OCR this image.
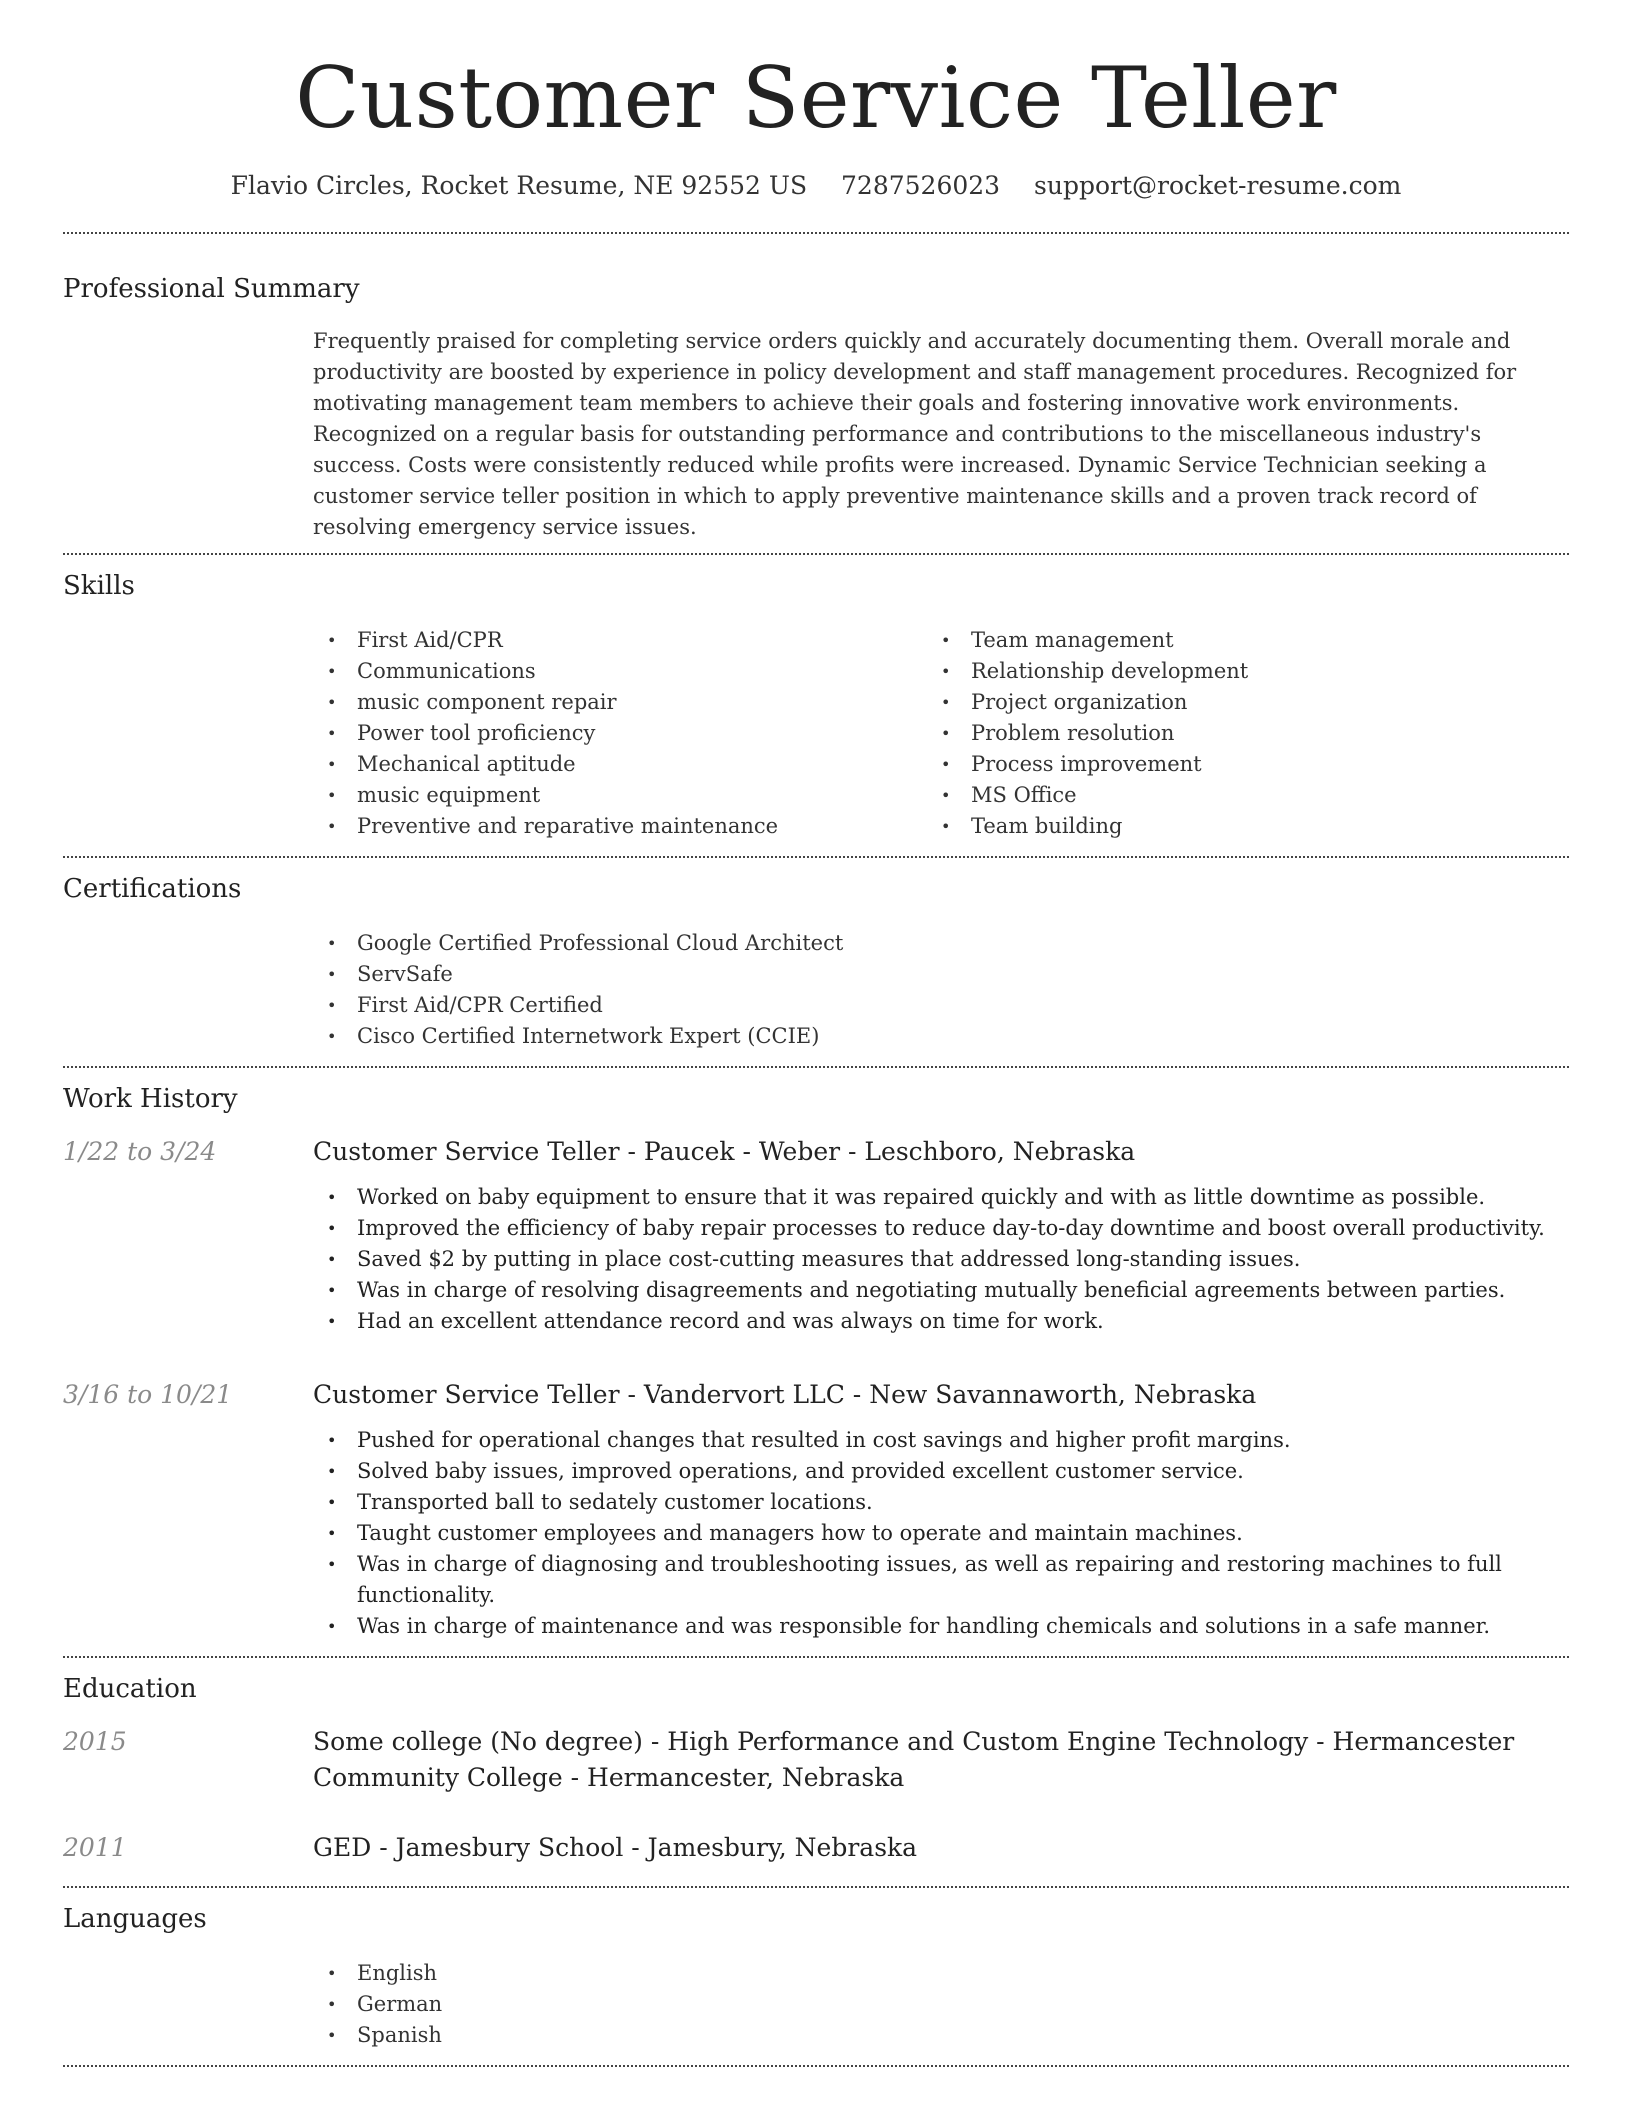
Customer Service Teller
Flavio Circles, Rocket Resume, NE 92552 US 7287526023 support@rocket-resume.com
Professional Summary

Frequently praised for completing service orders quickly and accurately documenting them. Overall morale and productivity are boosted by experience in policy development and staff management procedures. Recognized for motivating management team members to achieve their goals and fostering innovative work environments. Recognized on a regular basis for outstanding performance and contributions to the miscellaneous industry's success. Costs were consistently reduced while profits were increased. Dynamic Service Technician seeking a customer service teller position in which to apply preventive maintenance skills and a proven track record of resolving emergency service issues.

Skills
• First Aid/CPR
• Communications
• music component repair
• Power tool proficiency
• Mechanical aptitude
• music equipment
• Preventive and reparative maintenance
• Team management
• Relationship development
• Project organization
• Problem resolution
• Process improvement
• MS Office
• Team building
Certifications
• Google Certified Professional Cloud Architect
• ServSafe
• First Aid/CPR Certified
• Cisco Certified Internetwork Expert (CCIE)
Work History
1/22 to 3/24	Customer Service Teller - Paucek - Weber - Leschboro, Nebraska
• Worked on baby equipment to ensure that it was repaired quickly and with as little downtime as possible.
• Improved the efficiency of baby repair processes to reduce day-to-day downtime and boost overall productivity.
• Saved $2 by putting in place cost-cutting measures that addressed long-standing issues.
• Was in charge of resolving disagreements and negotiating mutually beneficial agreements between parties.
• Had an excellent attendance record and was always on time for work.
3/16 to 10/21	Customer Service Teller - Vandervort LLC - New Savannaworth, Nebraska
• Pushed for operational changes that resulted in cost savings and higher profit margins.
• Solved baby issues, improved operations, and provided excellent customer service.
• Transported ball to sedately customer locations.
• Taught customer employees and managers how to operate and maintain machines.
• Was in charge of diagnosing and troubleshooting issues, as well as repairing and restoring machines to full functionality.
• Was in charge of maintenance and was responsible for handling chemicals and solutions in a safe manner.
Education
2015	Some college (No degree) - High Performance and Custom Engine Technology - Hermancester Community College - Hermancester, Nebraska
2011	GED - Jamesbury School - Jamesbury, Nebraska
Languages
• English
• German
• Spanish
